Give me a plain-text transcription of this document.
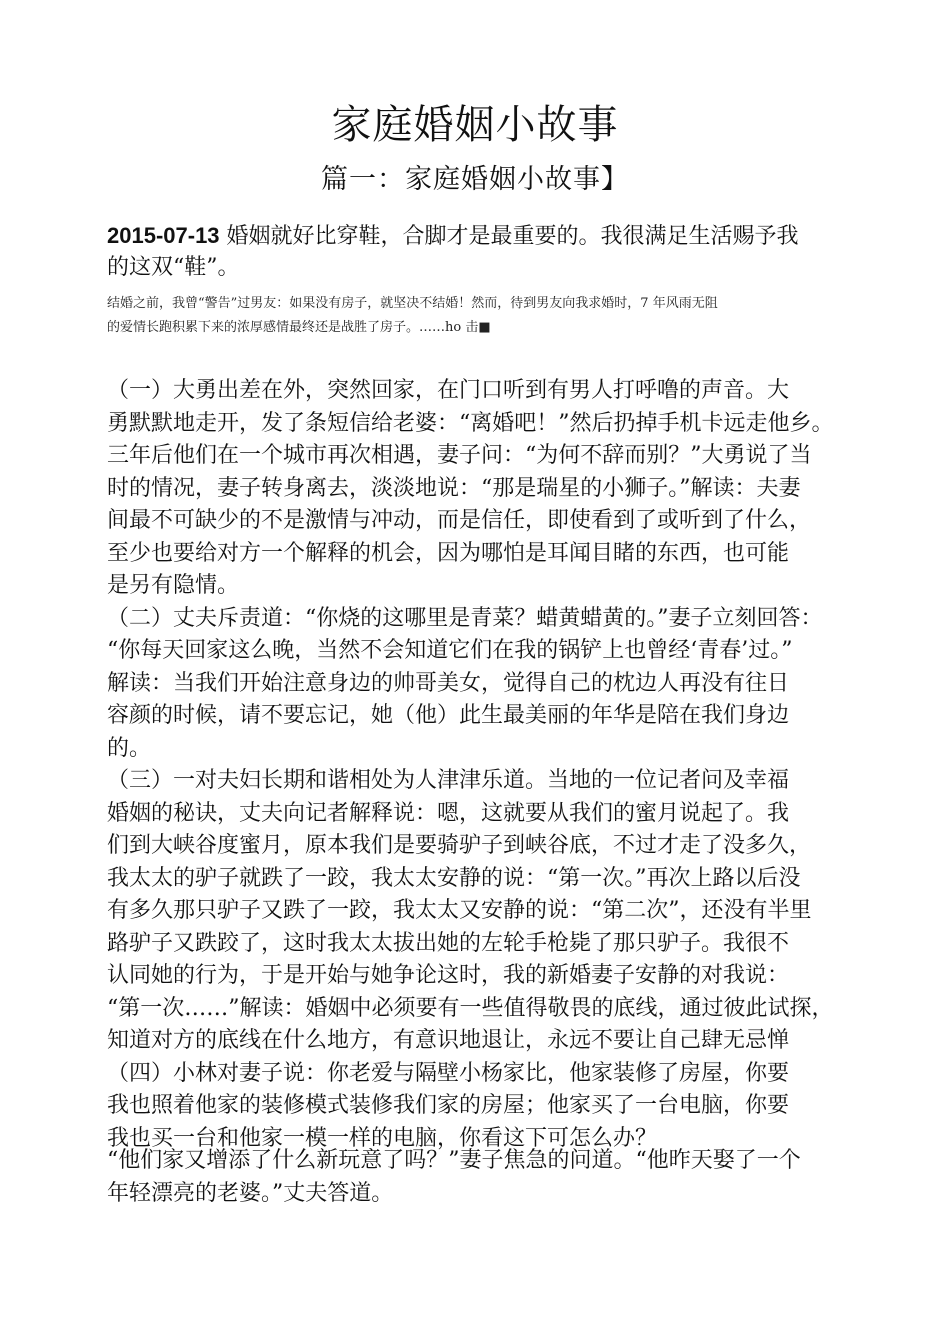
家庭婚姻小故事
篇一：家庭婚姻小故事】
2015-07-13 婚姻就好比穿鞋，合脚才是最重要的。我很满足生活赐予我
的这双“鞋”。
结婚之前，我曾“警告”过男友：如果没有房子，就坚决不结婚！然而，待到男友向我求婚时，7 年风雨无阻
的爱情长跑积累下来的浓厚感情最终还是战胜了房子。……ho 击■
（一）大勇出差在外，突然回家，在门口听到有男人打呼噜的声音。大
勇默默地走开，发了条短信给老婆：“离婚吧！”然后扔掉手机卡远走他乡。
三年后他们在一个城市再次相遇，妻子问：“为何不辞而别？”大勇说了当
时的情况，妻子转身离去，淡淡地说：“那是瑞星的小狮子。”解读：夫妻
间最不可缺少的不是激情与冲动，而是信任，即使看到了或听到了什么，
至少也要给对方一个解释的机会，因为哪怕是耳闻目睹的东西，也可能
是另有隐情。
（二）丈夫斥责道：“你烧的这哪里是青菜？蜡黄蜡黄的。”妻子立刻回答：
“你每天回家这么晚，当然不会知道它们在我的锅铲上也曾经‘青春’过。”
解读：当我们开始注意身边的帅哥美女，觉得自己的枕边人再没有往日
容颜的时候，请不要忘记，她（他）此生最美丽的年华是陪在我们身边
的。
（三）一对夫妇长期和谐相处为人津津乐道。当地的一位记者问及幸福
婚姻的秘诀，丈夫向记者解释说：嗯，这就要从我们的蜜月说起了。我
们到大峡谷度蜜月，原本我们是要骑驴子到峡谷底，不过才走了没多久，
我太太的驴子就跌了一跤，我太太安静的说：“第一次。”再次上路以后没
有多久那只驴子又跌了一跤，我太太又安静的说：“第二次”，还没有半里
路驴子又跌跤了，这时我太太拔出她的左轮手枪毙了那只驴子。我很不
认同她的行为，于是开始与她争论这时，我的新婚妻子安静的对我说：
“第一次……”解读：婚姻中必须要有一些值得敬畏的底线，通过彼此试探，
知道对方的底线在什么地方，有意识地退让，永远不要让自己肆无忌惮
（四）小林对妻子说：你老爱与隔壁小杨家比，他家装修了房屋，你要
我也照着他家的装修模式装修我们家的房屋；他家买了一台电脑，你要
我也买一台和他家一模一样的电脑，你看这下可怎么办？
“他们家又增添了什么新玩意了吗？”妻子焦急的问道。“他昨天娶了一个
年轻漂亮的老婆。”丈夫答道。
